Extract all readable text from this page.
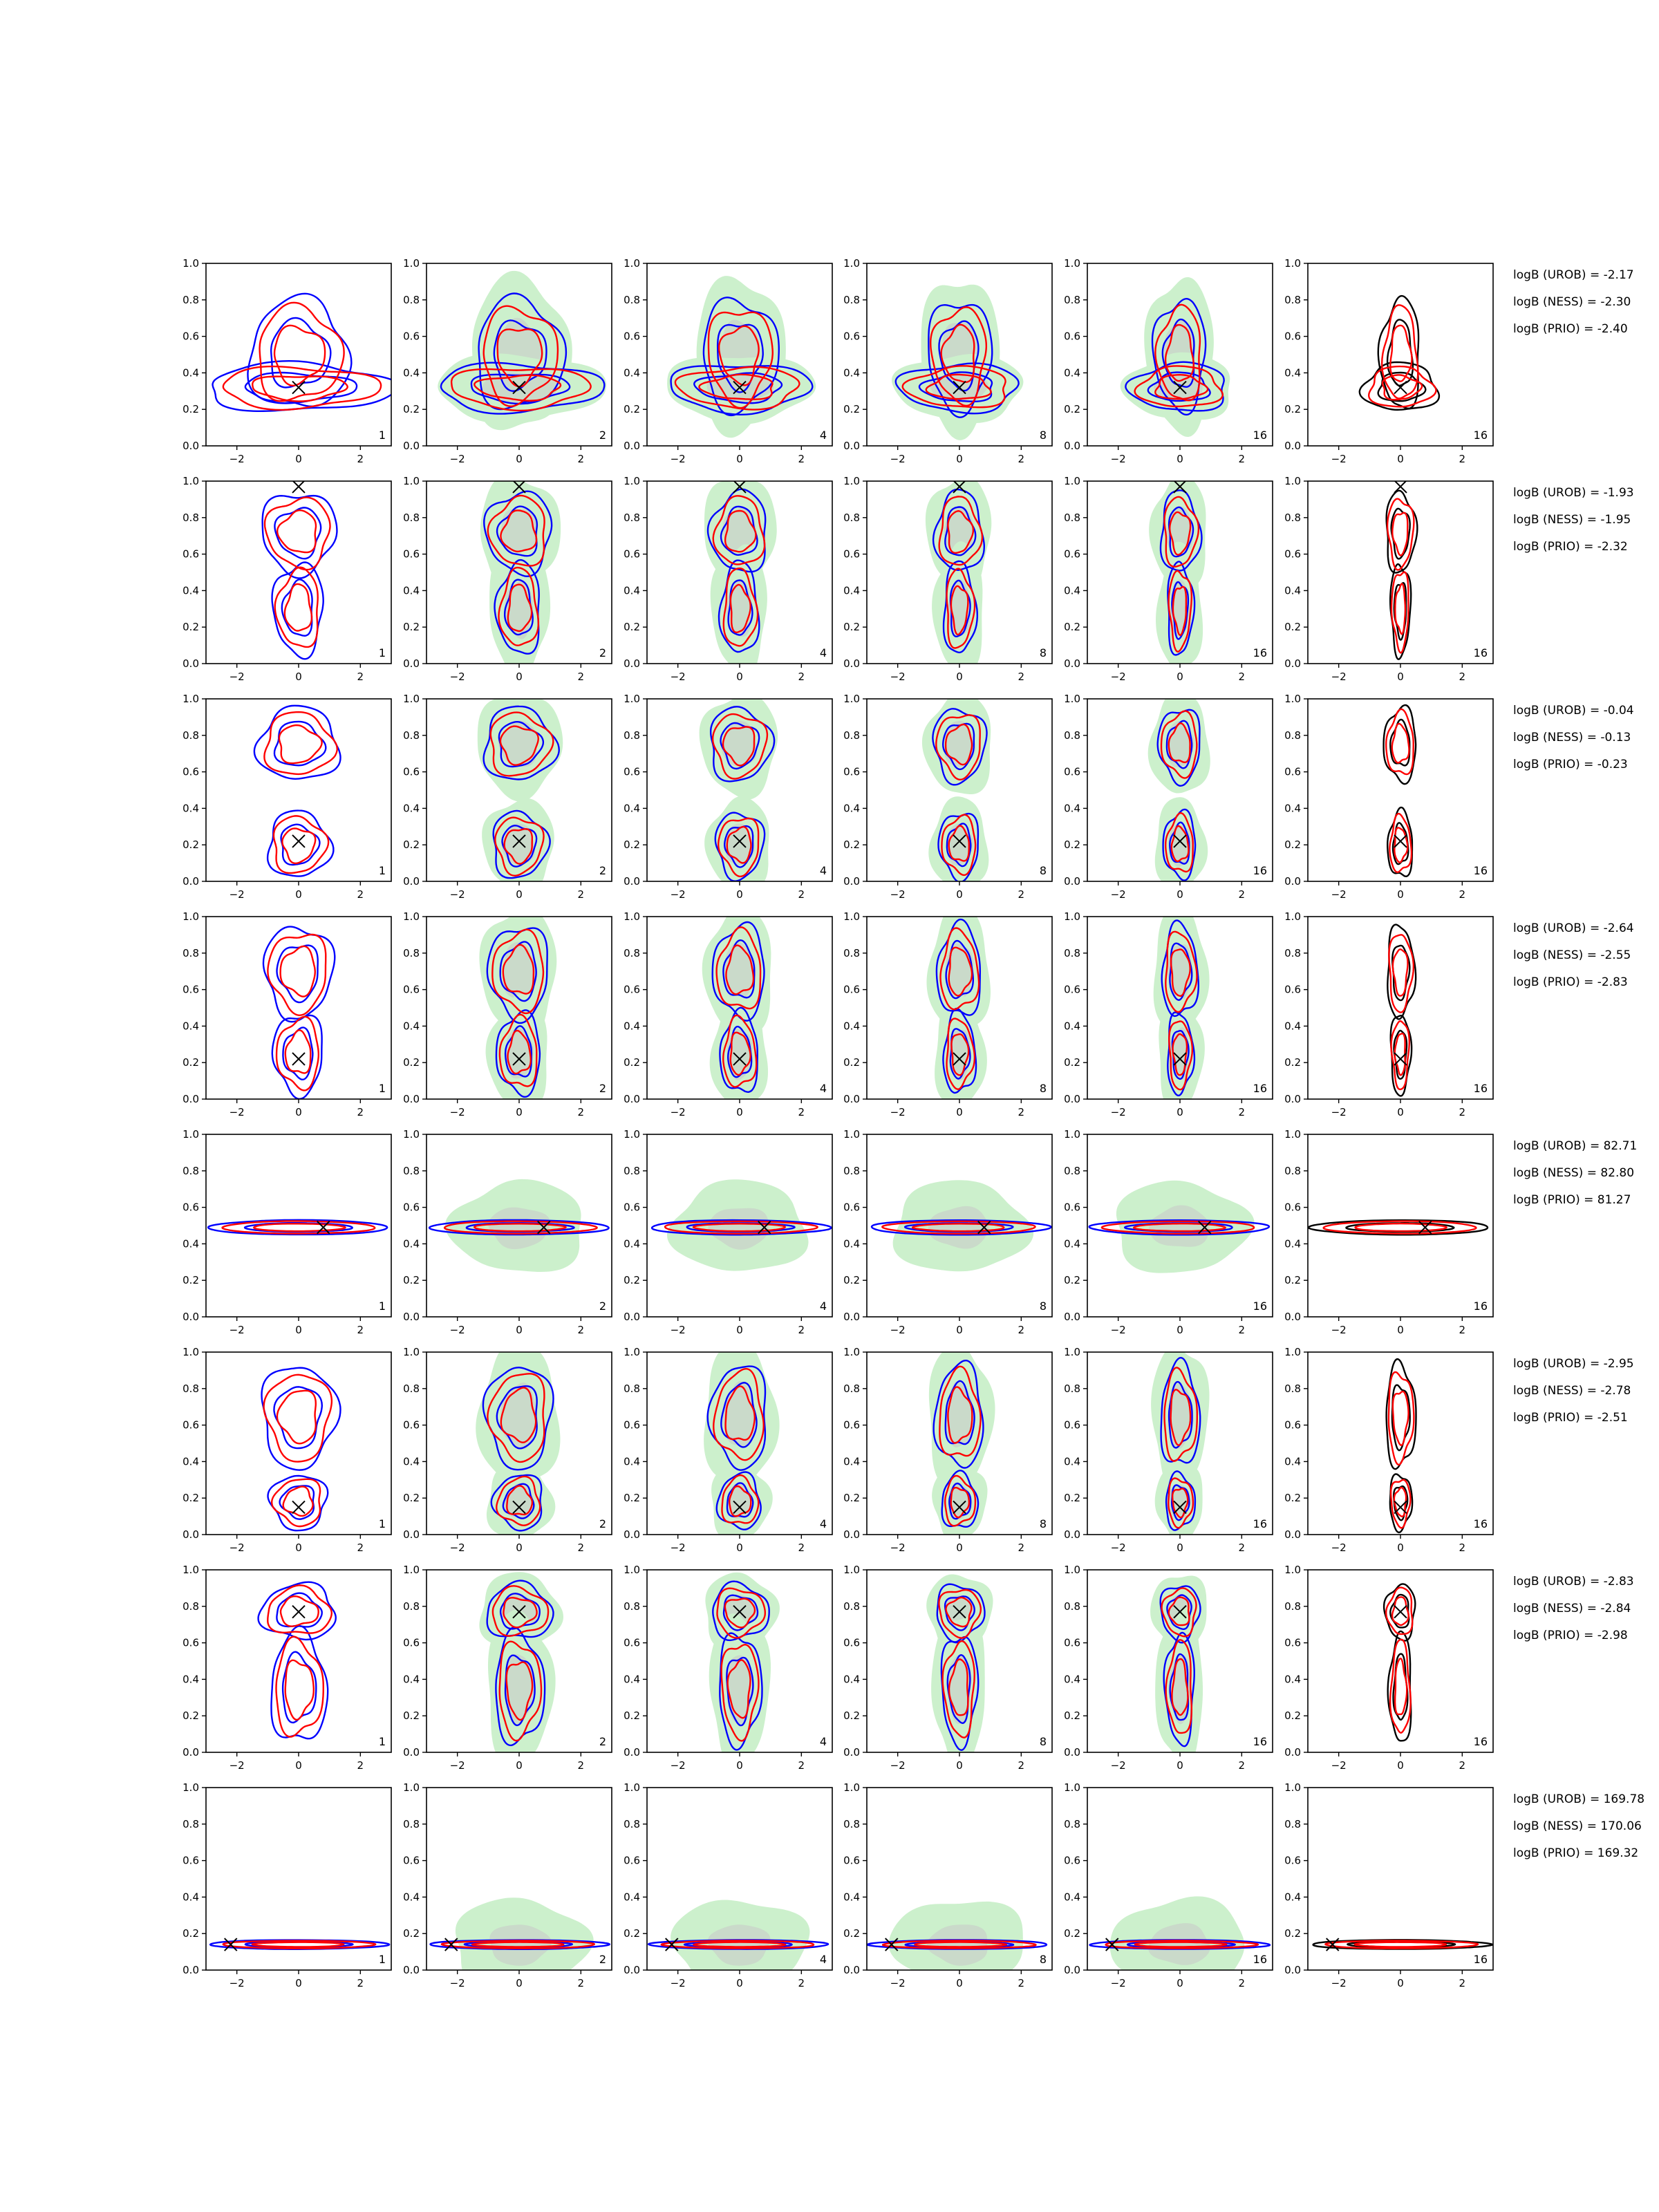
0.0
0.2
0.4
0.6
0.8
1.0
−2	0	2
1
0.0
0.2
0.4
0.6
0.8
1.0
−2	0	2
2
0.0
0.2
0.4
0.6
0.8
1.0
−2	0	2
4
0.0
0.2
0.4
0.6
0.8
1.0
−2	0	2
8
0.0
0.2
0.4
0.6
0.8
1.0
−2	0	2
16
0.0
0.2
0.4
0.6
0.8
1.0
−2	0	2
16
0.0
0.2
0.4
0.6
0.8
1.0
−2	0	2
1
0.0
0.2
0.4
0.6
0.8
1.0
−2	0	2
2
0.0
0.2
0.4
0.6
0.8
1.0
−2	0	2
4
0.0
0.2
0.4
0.6
0.8
1.0
−2	0	2
8
0.0
0.2
0.4
0.6
0.8
1.0
−2	0	2
16
0.0
0.2
0.4
0.6
0.8
1.0
−2	0	2
16
0.0
0.2
0.4
0.6
0.8
1.0
−2	0	2
1
0.0
0.2
0.4
0.6
0.8
1.0
−2	0	2
2
0.0
0.2
0.4
0.6
0.8
1.0
−2	0	2
4
0.0
0.2
0.4
0.6
0.8
1.0
−2	0	2
8
0.0
0.2
0.4
0.6
0.8
1.0
−2	0	2
16
0.0
0.2
0.4
0.6
0.8
1.0
−2	0	2
16
0.0
0.2
0.4
0.6
0.8
1.0
−2	0	2
1
0.0
0.2
0.4
0.6
0.8
1.0
−2	0	2
2
0.0
0.2
0.4
0.6
0.8
1.0
−2	0	2
4
0.0
0.2
0.4
0.6
0.8
1.0
−2	0	2
8
0.0
0.2
0.4
0.6
0.8
1.0
−2	0	2
16
0.0
0.2
0.4
0.6
0.8
1.0
−2	0	2
16
0.0
0.2
0.4
0.6
0.8
1.0
−2	0	2
1
0.0
0.2
0.4
0.6
0.8
1.0
−2	0	2
2
0.0
0.2
0.4
0.6
0.8
1.0
−2	0	2
4
0.0
0.2
0.4
0.6
0.8
1.0
−2	0	2
8
0.0
0.2
0.4
0.6
0.8
1.0
−2	0	2
16
0.0
0.2
0.4
0.6
0.8
1.0
−2	0	2
16
0.0
0.2
0.4
0.6
0.8
1.0
−2	0	2
1
0.0
0.2
0.4
0.6
0.8
1.0
−2	0	2
2
0.0
0.2
0.4
0.6
0.8
1.0
−2	0	2
4
0.0
0.2
0.4
0.6
0.8
1.0
−2	0	2
8
0.0
0.2
0.4
0.6
0.8
1.0
−2	0	2
16
0.0
0.2
0.4
0.6
0.8
1.0
−2	0	2
16
0.0
0.2
0.4
0.6
0.8
1.0
−2	0	2
1
0.0
0.2
0.4
0.6
0.8
1.0
−2	0	2
2
0.0
0.2
0.4
0.6
0.8
1.0
−2	0	2
4
0.0
0.2
0.4
0.6
0.8
1.0
−2	0	2
8
0.0
0.2
0.4
0.6
0.8
1.0
−2	0	2
16
0.0
0.2
0.4
0.6
0.8
1.0
−2	0	2
16
0.0
0.2
0.4
0.6
0.8
1.0
−2	0	2
1
0.0
0.2
0.4
0.6
0.8
1.0
−2	0	2
2
0.0
0.2
0.4
0.6
0.8
1.0
−2	0	2
4
0.0
0.2
0.4
0.6
0.8
1.0
−2	0	2
8
0.0
0.2
0.4
0.6
0.8
1.0
−2	0	2
16
0.0
0.2
0.4
0.6
0.8
1.0
−2	0	2
16
logB (UROB) = -2.17
logB (NESS) = -2.30
logB (PRIO) = -2.40
logB (UROB) = -1.93
logB (NESS) = -1.95
logB (PRIO) = -2.32
logB (UROB) = -0.04
logB (NESS) = -0.13
logB (PRIO) = -0.23
logB (UROB) = -2.64
logB (NESS) = -2.55
logB (PRIO) = -2.83
logB (UROB) = 82.71
logB (NESS) = 82.80
logB (PRIO) = 81.27
logB (UROB) = -2.95
logB (NESS) = -2.78
logB (PRIO) = -2.51
logB (UROB) = -2.83
logB (NESS) = -2.84
logB (PRIO) = -2.98
logB (UROB) = 169.78
logB (NESS) = 170.06
logB (PRIO) = 169.32
